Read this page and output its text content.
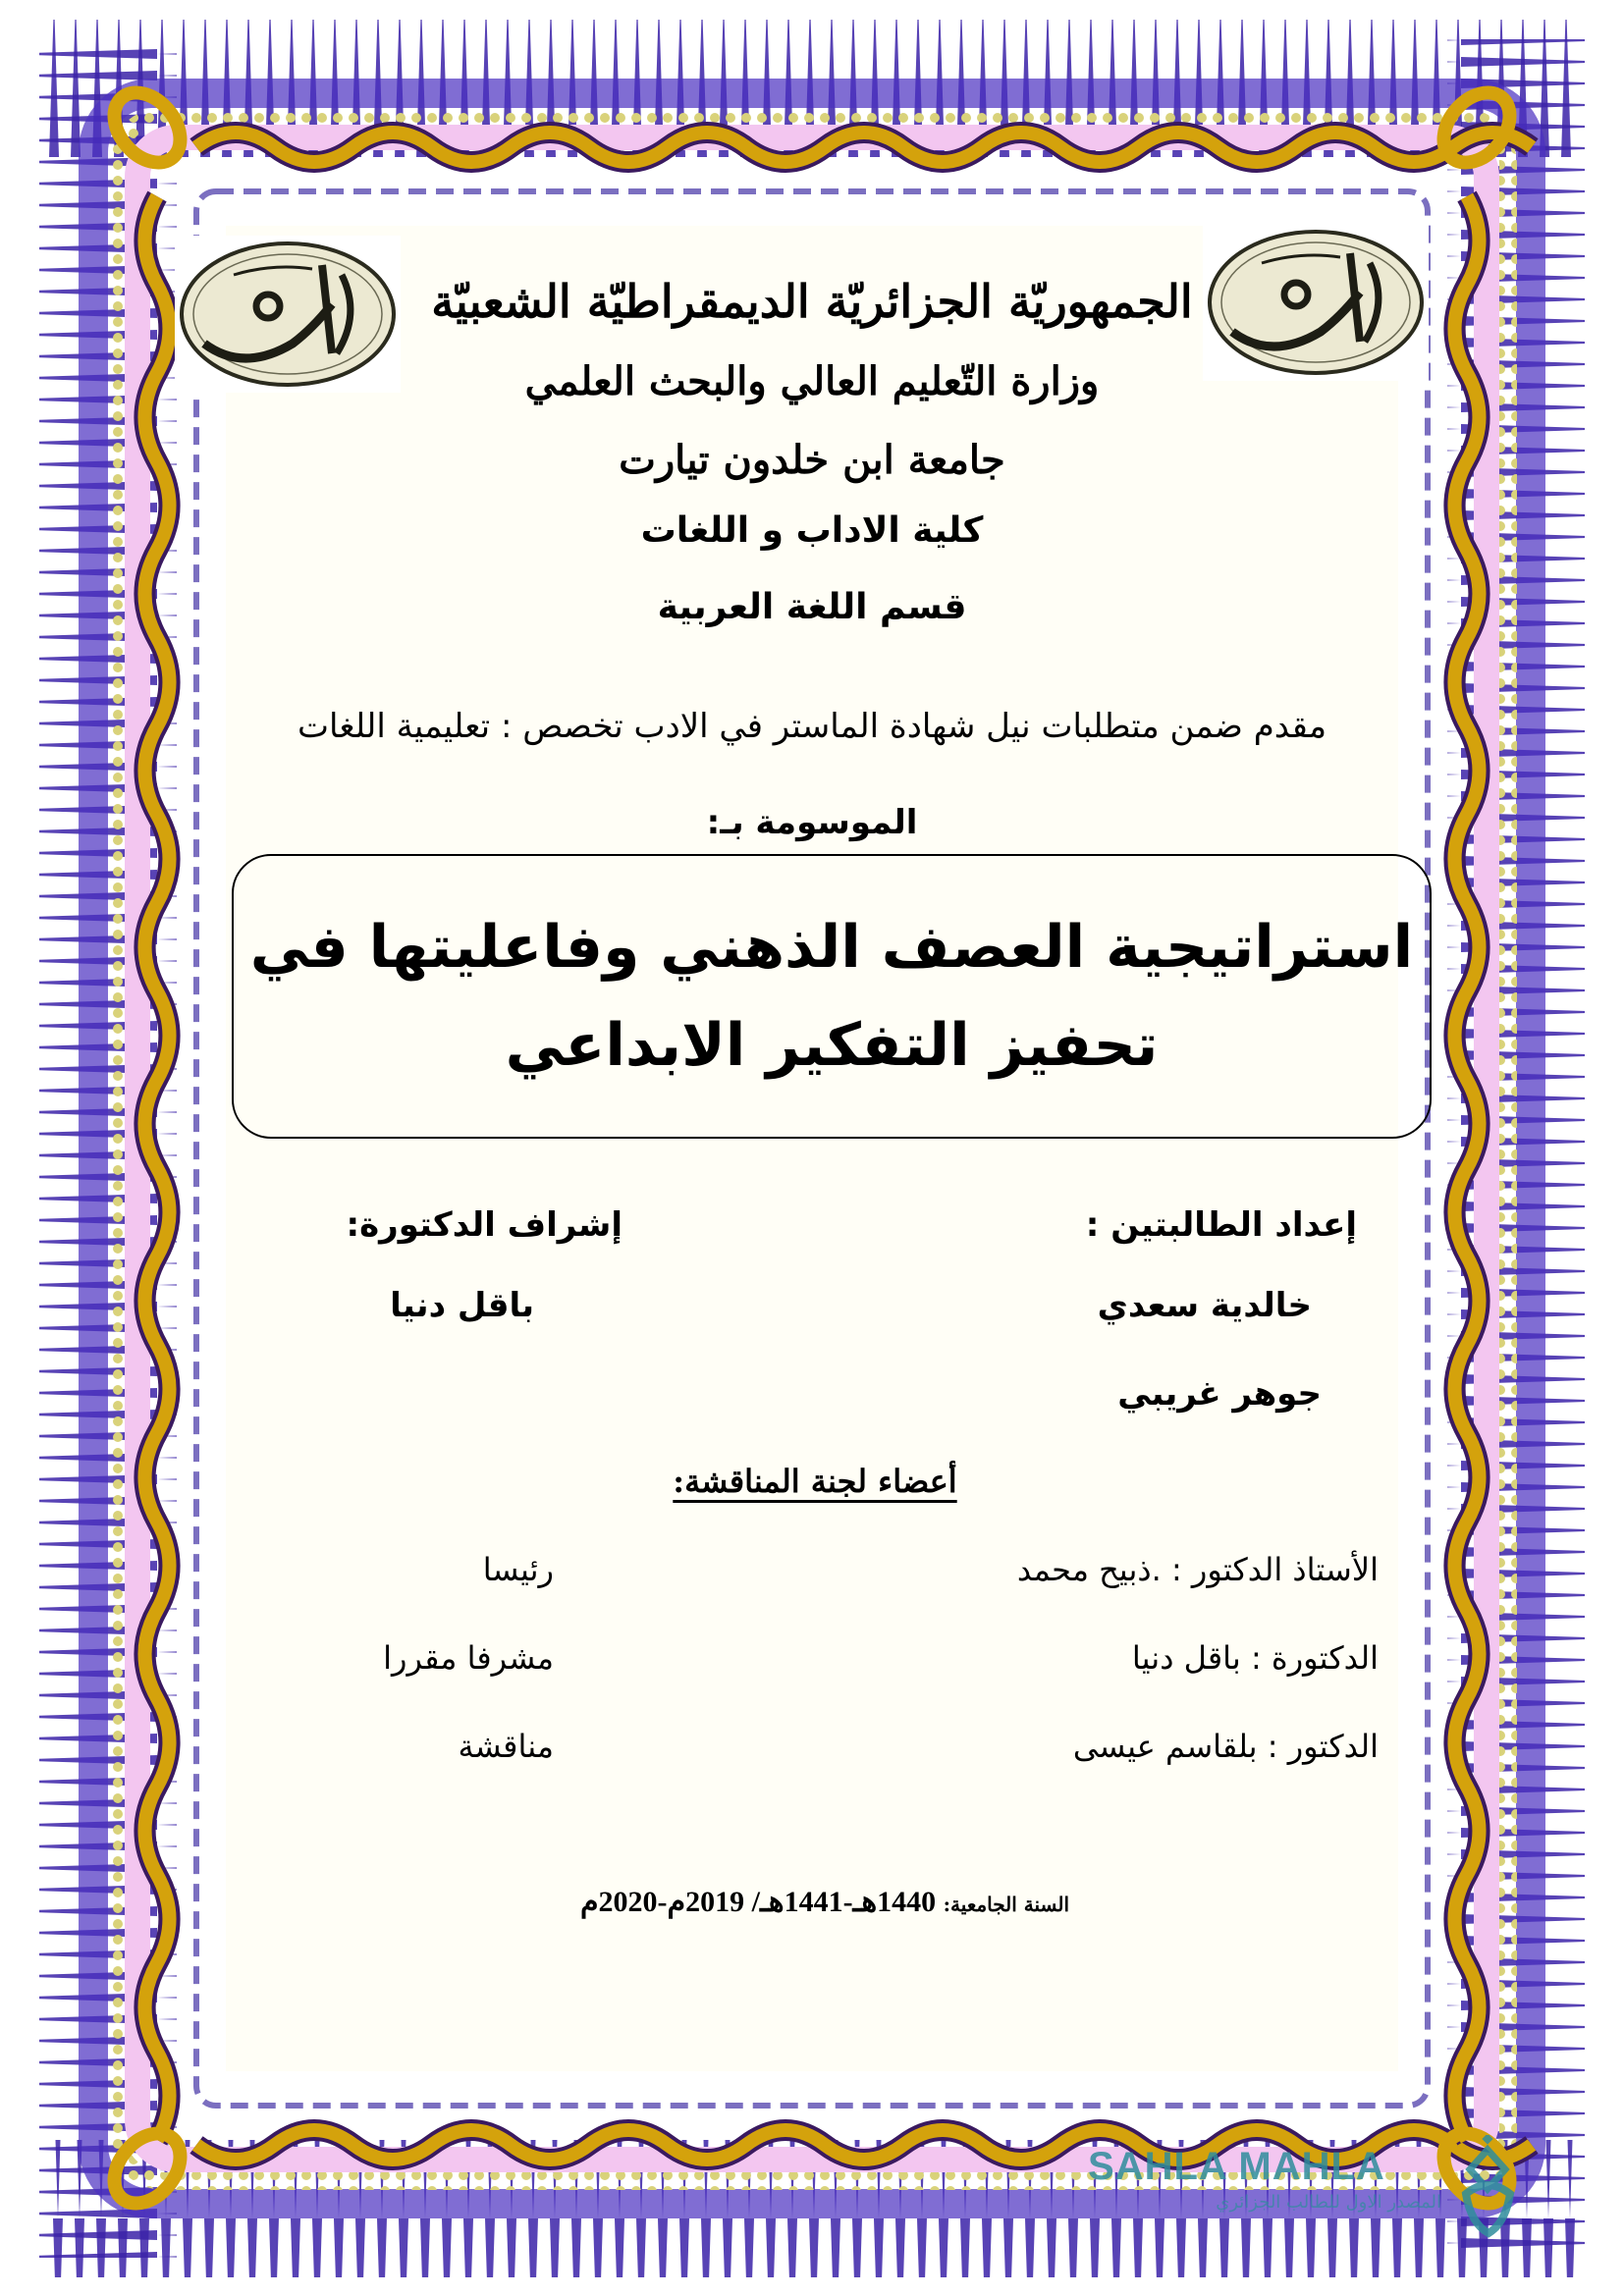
الجمهوريّة الجزائريّة الديمقراطيّة الشعبيّة
وزارة التّعليم العالي والبحث العلمي
جامعة ابن خلدون تيارت
كلية الاداب و اللغات
قسم اللغة العربية
مقدم ضمن متطلبات نيل شهادة الماستر في الادب تخصص : تعليمية اللغات
الموسومة بـ:
استراتيجية العصف الذهني وفاعليتها في
تحفيز التفكير الابداعي
إعداد الطالبتين :
إشراف الدكتورة:
خالدية سعدي
جوهر غريبي
باقل دنيا
أعضاء لجنة المناقشة:
الأستاذ الدكتور : .ذبيح محمد
رئيسا
الدكتورة : باقل دنيا
مشرفا مقررا
الدكتور : بلقاسم عيسى
مناقشة
السنة الجامعية: 1440هـ-1441هـ/ 2019م-2020م
SAHLA MAHLA
المصدر الاول للطالب الجزائري
